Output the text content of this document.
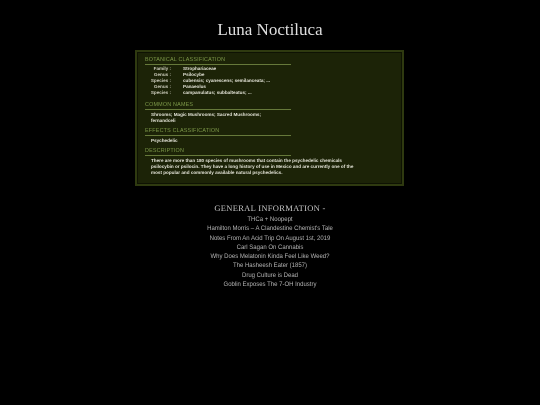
Luna Noctiluca
BOTANICAL CLASSIFICATION
Family :	Strophariaceae
Genus :	Psilocybe
Species :	cubensis; cyanescens; semilanceata; ...
Genus :	Panaeolus
Species :	campanulatus; subbalteatus; ...
COMMON NAMES
Shrooms; Magic Mushrooms; Sacred Mushrooms;
fernandceli
EFFECTS CLASSIFICATION
Psychedelic
DESCRIPTION
There are more than 180 species of mushrooms that contain the psychedelic chemicals
psilocybin or psilocin. They have a long history of use in Mexico and are currently one of the
most popular and commonly available natural psychedelics.
GENERAL INFORMATION -
THCa + Noopept
Hamilton Morris – A Clandestine Chemist's Tale
Notes From An Acid Trip On August 1st, 2019
Carl Sagan On Cannabis
Why Does Melatonin Kinda Feel Like Weed?
The Hasheesh Eater (1857)
Drug Culture is Dead
Goblin Exposes The 7-OH Industry
